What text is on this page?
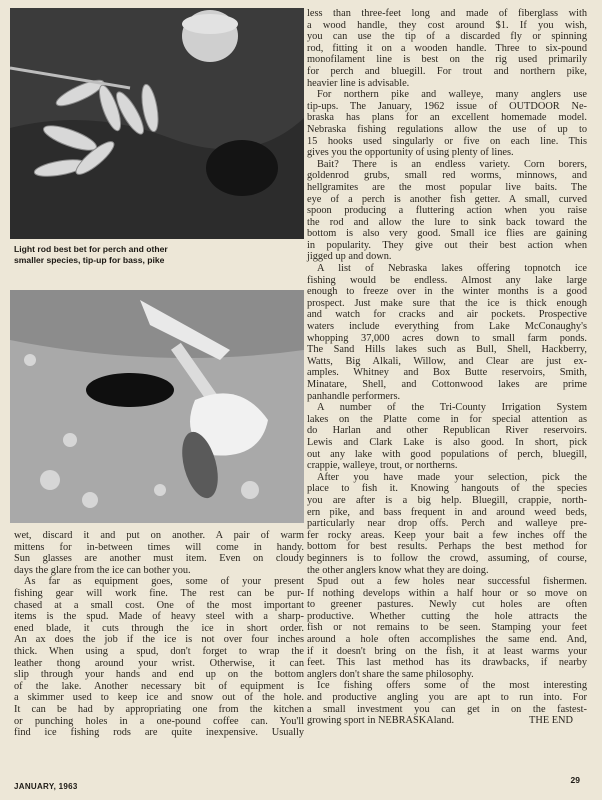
Light rod best bet for perch and other
smaller species, tip-up for bass, pike
wet, discard it and put on another. A pair of warm
mittens for in-between times will come in handy.
Sun glasses are another must item. Even on cloudy
days the glare from the ice can bother you.
As far as equipment goes, some of your present
fishing gear will work fine. The rest can be pur-
chased at a small cost. One of the most important
items is the spud. Made of heavy steel with a sharp-
ened blade, it cuts through the ice in short order.
An ax does the job if the ice is not over four inches
thick. When using a spud, don't forget to wrap the
leather thong around your wrist. Otherwise, it can
slip through your hands and end up on the bottom
of the lake. Another necessary bit of equipment is
a skimmer used to keep ice and snow out of the hole.
It can be had by appropriating one from the kitchen
or punching holes in a one-pound coffee can. You'll
find ice fishing rods are quite inexpensive. Usually
less than three-feet long and made of fiberglass with
a wood handle, they cost around $1. If you wish,
you can use the tip of a discarded fly or spinning
rod, fitting it on a wooden handle. Three to six-pound
monofilament line is best on the rig used primarily
for perch and bluegill. For trout and northern pike,
heavier line is advisable.
For northern pike and walleye, many anglers use
tip-ups. The January, 1962 issue of OUTDOOR Ne-
braska has plans for an excellent homemade model.
Nebraska fishing regulations allow the use of up to
15 hooks used singularly or five on each line. This
gives you the opportunity of using plenty of lines.
Bait? There is an endless variety. Corn borers,
goldenrod grubs, small red worms, minnows, and
hellgramites are the most popular live baits. The
eye of a perch is another fish getter. A small, curved
spoon producing a fluttering action when you raise
the rod and allow the lure to sink back toward the
bottom is also very good. Small ice flies are gaining
in popularity. They give out their best action when
jigged up and down.
A list of Nebraska lakes offering topnotch ice
fishing would be endless. Almost any lake large
enough to freeze over in the winter months is a good
prospect. Just make sure that the ice is thick enough
and watch for cracks and air pockets. Prospective
waters include everything from Lake McConaughy's
whopping 37,000 acres down to small farm ponds.
The Sand Hills lakes such as Bull, Shell, Hackberry,
Watts, Big Alkali, Willow, and Clear are just ex-
amples. Whitney and Box Butte reservoirs, Smith,
Minatare, Shell, and Cottonwood lakes are prime
panhandle performers.
A number of the Tri-County Irrigation System
lakes on the Platte come in for special attention as
do Harlan and other Republican River reservoirs.
Lewis and Clark Lake is also good. In short, pick
out any lake with good populations of perch, bluegill,
crappie, walleye, trout, or northerns.
After you have made your selection, pick the
place to fish it. Knowing hangouts of the species
you are after is a big help. Bluegill, crappie, north-
ern pike, and bass frequent in and around weed beds,
particularly near drop offs. Perch and walleye pre-
fer rocky areas. Keep your bait a few inches off the
bottom for best results. Perhaps the best method for
beginners is to follow the crowd, assuming, of course,
the other anglers know what they are doing.
Spud out a few holes near successful fishermen.
If nothing develops within a half hour or so move on
to greener pastures. Newly cut holes are often
productive. Whether cutting the hole attracts the
fish or not remains to be seen. Stamping your feet
around a hole often accomplishes the same end. And,
if it doesn't bring on the fish, it at least warms your
feet. This last method has its drawbacks, if nearby
anglers don't share the same philosophy.
Ice fishing offers some of the most interesting
and productive angling you are apt to run into. For
a small investment you can get in on the fastest-
growing sport in NEBRASKAland.	THE END
JANUARY, 1963
29
